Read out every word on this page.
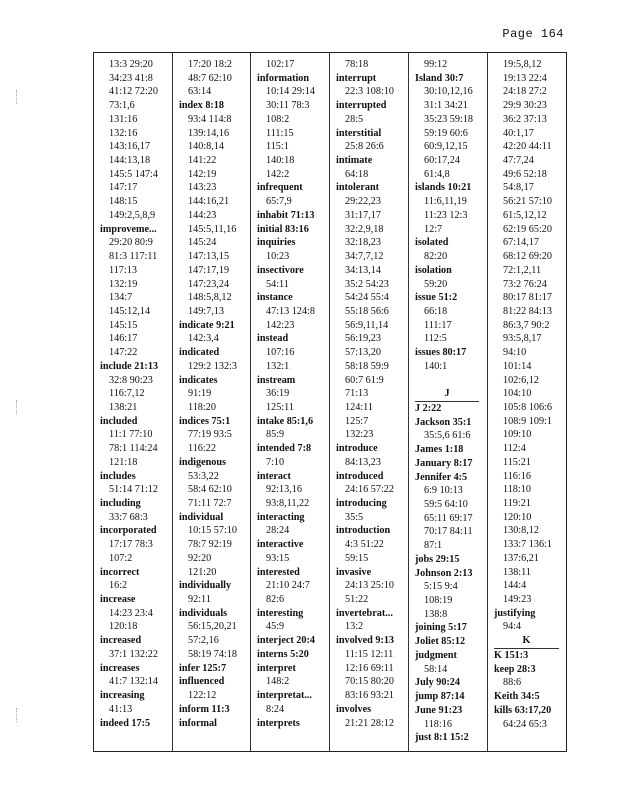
Page 164
13:3 29:20
34:23 41:8
41:12 72:20
73:1,6
131:16
132:16
143:16,17
144:13,18
145:5 147:4
147:17
148:15
149:2,5,8,9
improveme...
29:20 80:9
81:3 117:11
117:13
132:19
134:7
145:12,14
145:15
146:17
147:22
include 21:13
32:8 90:23
116:7,12
138:21
included
11:1 77:10
78:1 114:24
121:18
includes
51:14 71:12
including
33:7 68:3
incorporated
17:17 78:3
107:2
incorrect
16:2
increase
14:23 23:4
120:18
increased
37:1 132:22
increases
41:7 132:14
increasing
41:13
indeed 17:5
17:20 18:2
48:7 62:10
63:14
index 8:18
93:4 114:8
139:14,16
140:8,14
141:22
142:19
143:23
144:16,21
144:23
145:5,11,16
145:24
147:13,15
147:17,19
147:23,24
148:5,8,12
149:7,13
indicate 9:21
142:3,4
indicated
129:2 132:3
indicates
91:19
118:20
indices 75:1
77:19 93:5
116:22
indigenous
53:3,22
58:4 62:10
71:11 72:7
individual
10:15 57:10
78:7 92:19
92:20
121:20
individually
92:11
individuals
56:15,20,21
57:2,16
58:19 74:18
infer 125:7
influenced
122:12
inform 11:3
informal
102:17
information
10:14 29:14
30:11 78:3
108:2
111:15
115:1
140:18
142:2
infrequent
65:7,9
inhabit 71:13
initial 83:16
inquiries
10:23
insectivore
54:11
instance
47:13 124:8
142:23
instead
107:16
132:1
instream
36:19
125:11
intake 85:1,6
85:9
intended 7:8
7:10
interact
92:13,16
93:8,11,22
interacting
28:24
interactive
93:15
interested
21:10 24:7
82:6
interesting
45:9
interject 20:4
interns 5:20
interpret
148:2
interpretat...
8:24
interprets
78:18
interrupt
22:3 108:10
interrupted
28:5
interstitial
25:8 26:6
intimate
64:18
intolerant
29:22,23
31:17,17
32:2,9,18
32:18,23
34:7,7,12
34:13,14
35:2 54:23
54:24 55:4
55:18 56:6
56:9,11,14
56:19,23
57:13,20
58:18 59:9
60:7 61:9
71:13
124:11
125:7
132:23
introduce
84:13,23
introduced
24:16 57:22
introducing
35:5
introduction
4:3 51:22
59:15
invasive
24:13 25:10
51:22
invertebrat...
13:2
involved 9:13
11:15 12:11
12:16 69:11
70:15 80:20
83:16 93:21
involves
21:21 28:12
99:12
Island 30:7
30:10,12,16
31:1 34:21
35:23 59:18
59:19 60:6
60:9,12,15
60:17,24
61:4,8
islands 10:21
11:6,11,19
11:23 12:3
12:7
isolated
82:20
isolation
59:20
issue 51:2
66:18
111:17
112:5
issues 80:17
140:1
J
J 2:22
Jackson 35:1
35:5,6 61:6
James 1:18
January 8:17
Jennifer 4:5
6:9 10:13
59:5 64:10
65:11 69:17
70:17 84:11
87:1
jobs 29:15
Johnson 2:13
5:15 9:4
108:19
138:8
joining 5:17
Joliet 85:12
judgment
58:14
July 90:24
jump 87:14
June 91:23
118:16
just 8:1 15:2
19:5,8,12
19:13 22:4
24:18 27:2
29:9 30:23
36:2 37:13
40:1,17
42:20 44:11
47:7,24
49:6 52:18
54:8,17
56:21 57:10
61:5,12,12
62:19 65:20
67:14,17
68:12 69:20
72:1,2,11
73:2 76:24
80:17 81:17
81:22 84:13
86:3,7 90:2
93:5,8,17
94:10
101:14
102:6,12
104:10
105:8 106:6
108:9 109:1
109:10
112:4
115:21
116:16
118:10
119:21
120:10
130:8,12
133:7 136:1
137:6,21
138:11
144:4
149:23
justifying
94:4
K
K 151:3
keep 28:3
88:6
Keith 34:5
kills 63:17,20
64:24 65:3
